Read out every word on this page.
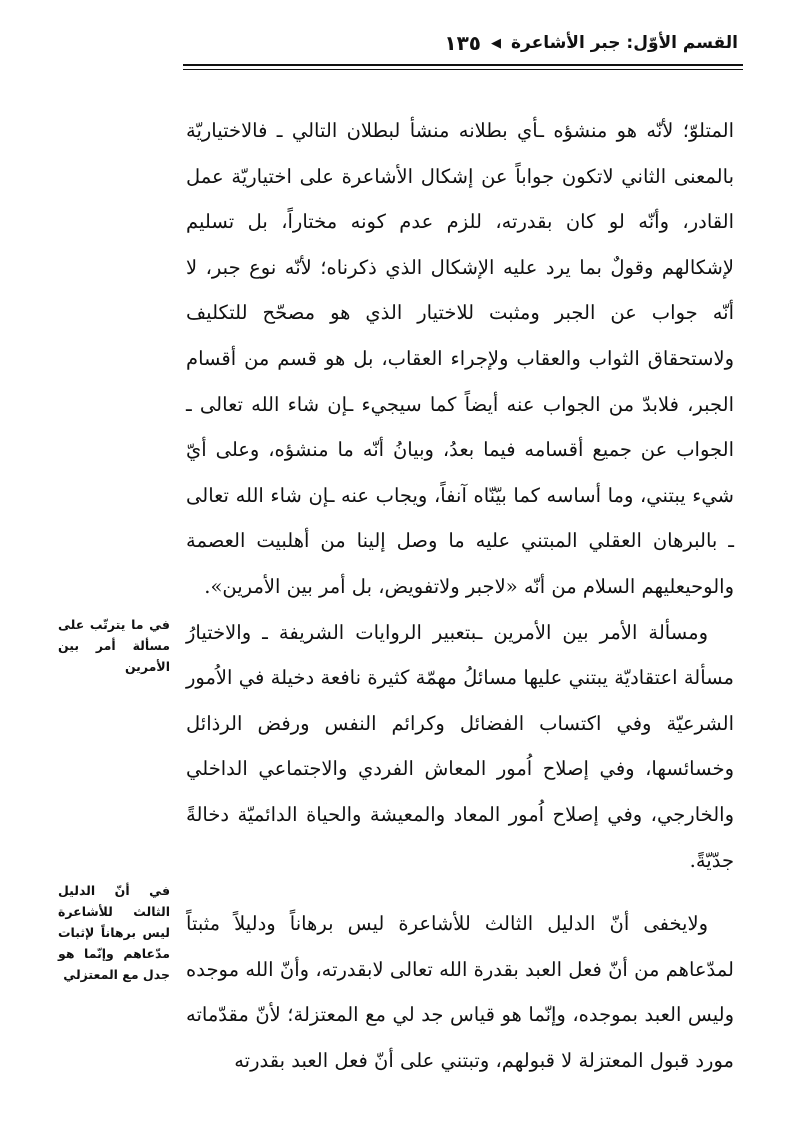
القسم الأوّل: جبر الأشاعرة
◀
١٣٥

المتلوّ؛ لأنّه هو منشؤه ـأي بطلانه منشأ لبطلان التالي ـ فالاختياريّة بالمعنى الثاني لاتكون جواباً عن إشكال الأشاعرة على اختياريّة عمل القادر، وأنّه لو كان بقدرته، للزم عدم كونه مختاراً، بل تسليم لإشكالهم وقولٌ بما يرد عليه الإشكال الذي ذكرناه؛ لأنّه نوع جبر، لا أنّه جواب عن الجبر ومثبت للاختيار الذي هو مصحّح للتكليف ولاستحقاق الثواب والعقاب ولإجراء العقاب، بل هو قسم من أقسام الجبر، فلابدّ من الجواب عنه أيضاً كما سيجيء ـإن شاء الله تعالى ـ الجواب عن جميع أقسامه فيما بعدُ، وبيانُ أنّه ما منشؤه، وعلى أيّ شيء يبتني، وما أساسه كما بيّنّاه آنفاً، ويجاب عنه ـإن شاء الله تعالى ـ بالبرهان العقلي المبتني عليه ما وصل إلينا من أهلبيت العصمة والوحيعليهم السلام من أنّه «لاجبر ولاتفويض، بل أمر بين الأمرين».

ومسألة الأمر بين الأمرين ـبتعبير الروايات الشريفة ـ والاختيارُ مسألة اعتقاديّة يبتني عليها مسائلُ مهمّة كثيرة نافعة دخيلة في الاُمور الشرعيّة وفي اكتساب الفضائل وكرائم النفس ورفض الرذائل وخسائسها، وفي إصلاح اُمور المعاش الفردي والاجتماعي الداخلي والخارجي، وفي إصلاح اُمور المعاد والمعيشة والحياة الدائميّة دخالةً جدّيّةً.

ولايخفى أنّ الدليل الثالث للأشاعرة ليس برهاناً ودليلاً مثبتاً لمدّعاهم من أنّ فعل العبد بقدرة الله تعالى لابقدرته، وأنّ الله موجده وليس العبد بموجده، وإنّما هو قياس جد لي مع المعتزلة؛ لأنّ مقدّماته مورد قبول المعتزلة لا قبولهم، وتبتني على أنّ فعل العبد بقدرته

في ما يترتّب على مسألة أمر بين الأمرين
في أنّ الدليل الثالث للأشاعرة ليس برهاناً لإثبات مدّعاهم وإنّما هو جدل مع المعتزلي
